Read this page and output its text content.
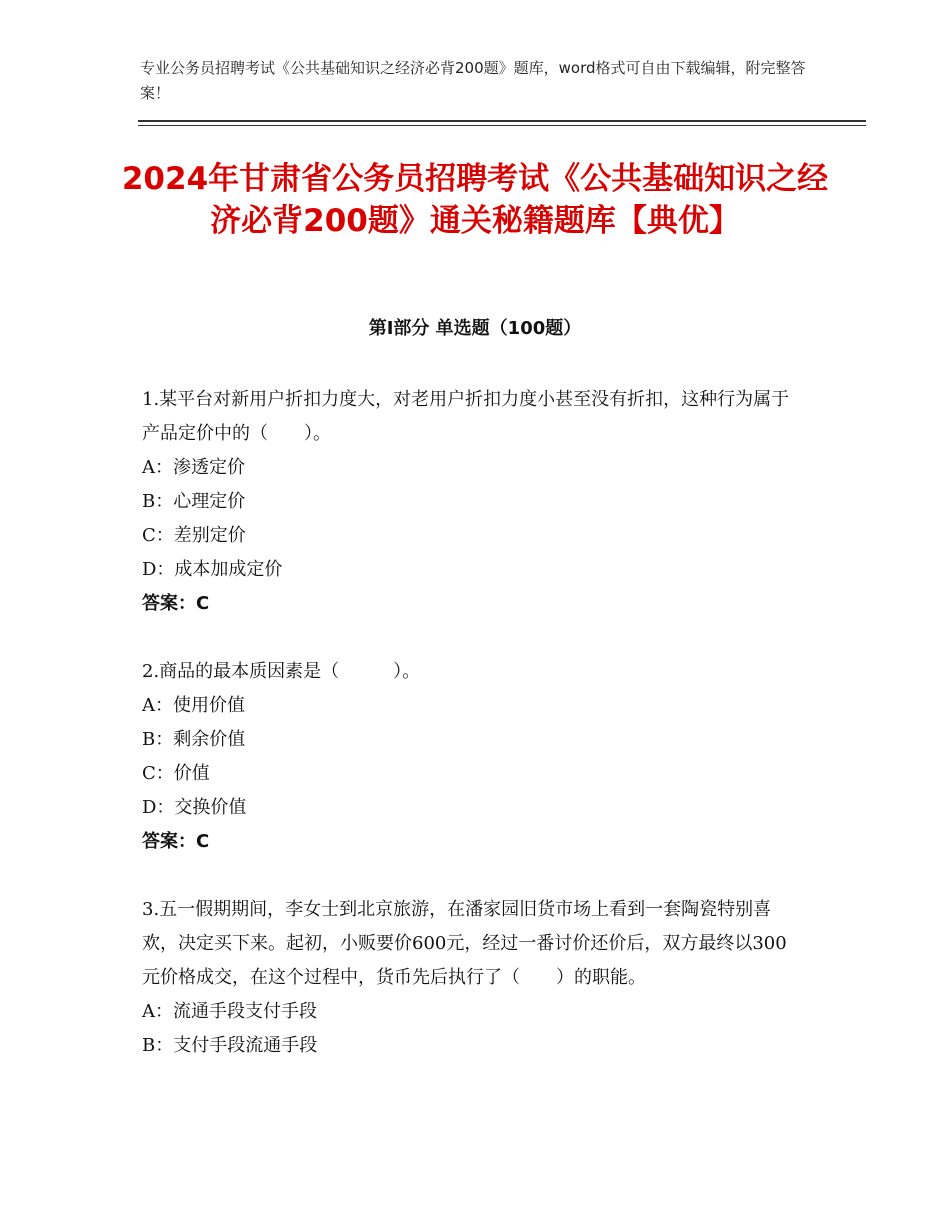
专业公务员招聘考试《公共基础知识之经济必背200题》题库，word格式可自由下载编辑，附完整答案！
2024年甘肃省公务员招聘考试《公共基础知识之经济必背200题》通关秘籍题库【典优】
第Ⅰ部分 单选题（100题）
1.某平台对新用户折扣力度大，对老用户折扣力度小甚至没有折扣，这种行为属于产品定价中的（　　）。
A：渗透定价
B：心理定价
C：差别定价
D：成本加成定价
答案：C
2.商品的最本质因素是（　　　）。
A：使用价值
B：剩余价值
C：价值
D：交换价值
答案：C
3.五一假期期间，李女士到北京旅游，在潘家园旧货市场上看到一套陶瓷特别喜欢，决定买下来。起初，小贩要价600元，经过一番讨价还价后，双方最终以300元价格成交，在这个过程中，货币先后执行了（　　）的职能。
A：流通手段支付手段
B：支付手段流通手段
